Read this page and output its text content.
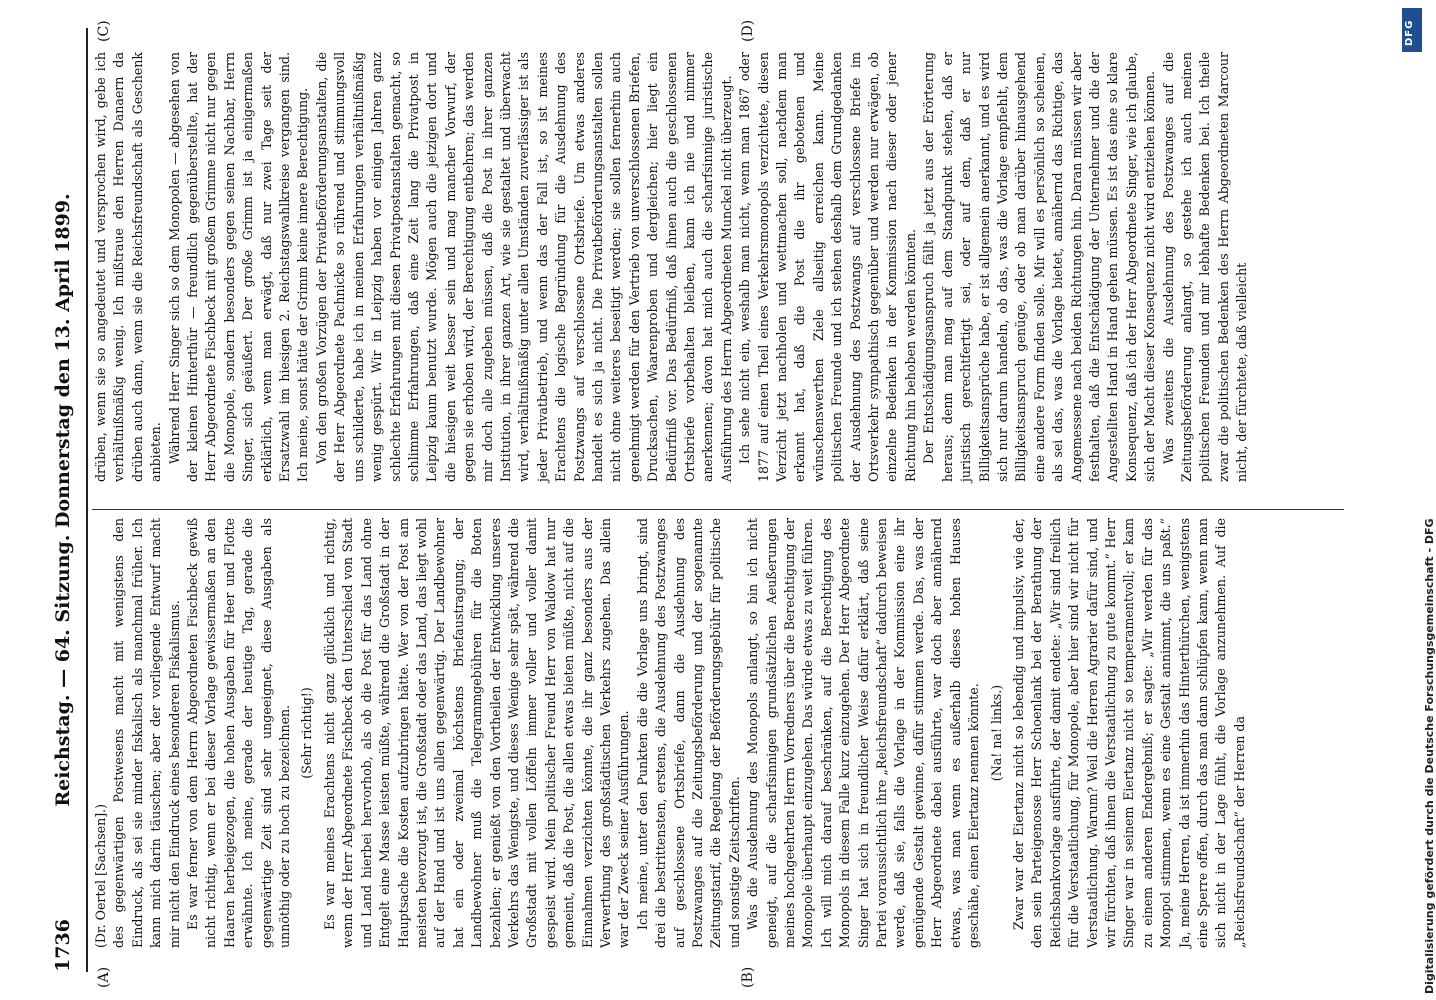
1736
Reichstag. — 64. Sitzung. Donnerstag den 13. April 1899.
(A)	(B)
(C)	(D)

(Dr. Oertel [Sachsen].) des gegenwärtigen Postwesens macht mit wenigstens den Eindruck, als sei sie minder fiskalisch als manchmal früher. Ich kann mich darin täuschen; aber der vorliegende Entwurf macht mir nicht den Eindruck eines besonderen Fiskalismus. Es war ferner von dem Herrn Abgeordneten Fischbeck gewiß nicht richtig, wenn er bei dieser Vorlage gewissermaßen an den Haaren herbeigezogen, die hohen Ausgaben für Heer und Flotte erwähnte. Ich meine, gerade der heutige Tag, gerade die gegenwärtige Zeit sind sehr ungeeignet, diese Ausgaben als unnöthig oder zu hoch zu bezeichnen. (Sehr richtig!) Es war meines Erachtens nicht ganz glücklich und richtig, wenn der Herr Abgeordnete Fischbeck den Unterschied von Stadt und Land hierbei hervorhob, als ob die Post für das Land ohne Entgelt eine Masse leisten müßte, während die Großstadt in der Hauptsache die Kosten aufzubringen hätte. Wer von der Post am meisten bevorzugt ist, die Großstadt oder das Land, das liegt wohl auf der Hand und ist uns allen gegenwärtig. Der Landbewohner hat ein oder zweimal höchstens Briefaustragung; der Landbewohner muß die Telegrammgebühren für die Boten bezahlen; er genießt von den Vortheilen der Entwicklung unseres Verkehrs das Wenigste, und dieses Wenige sehr spät, während die Großstadt mit vollen Löffeln immer voller und voller damit gespeist wird. Mein politischer Freund Herr von Waldow hat nur gemeint, daß die Post, die allen etwas bieten müßte, nicht auf die Einnahmen verzichten könnte, die ihr ganz besonders aus der Verwerthung des großstädtischen Verkehrs zugehen. Das allein war der Zweck seiner Ausführungen. Ich meine, unter den Punkten die die Vorlage uns bringt, sind drei die bestrittensten, erstens, die Ausdehnung des Postzwanges auf geschlossene Ortsbriefe, dann die Ausdehnung des Postzwanges auf die Zeitungsbeförderung und der sogenannte Zeitungstarif, die Regelung der Beförderungsgebühr für politische und sonstige Zeitschriften. Was die Ausdehnung des Monopols anlangt, so bin ich nicht geneigt, auf die scharfsinnigen grundsätzlichen Aeußerungen meines hochgeehrten Herrn Vorredners über die Berechtigung der Monopole überhaupt einzugehen. Das würde etwas zu weit führen. Ich will mich darauf beschränken, auf die Berechtigung des Monopols in diesem Falle kurz einzugehen. Der Herr Abgeordnete Singer hat sich in freundlicher Weise dafür erklärt, daß seine Partei voraussichtlich ihre „Reichsfreundschaft“ dadurch beweisen werde, daß sie, falls die Vorlage in der Kommission eine ihr genügende Gestalt gewinne, dafür stimmen werde. Das, was der Herr Abgeordnete dabei ausführte, war doch aber annähernd etwas, was man wenn es außerhalb dieses hohen Hauses geschähe, einen Eiertanz nennen könnte. (Na! na! links.) Zwar war der Eiertanz nicht so lebendig und impulsiv, wie der, den sein Parteigenosse Herr Schoenlank bei der Berathung der Reichsbankvorlage ausführte, der damit endete: „Wir sind freilich für die Verstaatlichung, für Monopole, aber hier sind wir nicht für Verstaatlichung. Warum? Weil die Herren Agrarier dafür sind, und wir fürchten, daß ihnen die Verstaatlichung zu gute kommt.“ Herr Singer war in seinem Eiertanz nicht so temperamentvoll; er kam zu einem anderen Endergebniß; er sagte: „Wir werden für das Monopol stimmen, wenn es eine Gestalt annimmt, die uns paßt.“ Ja, meine Herren, da ist immerhin das Hinterthürchen, wenigstens eine Sperre offen, durch das man dann schlüpfen kann, wenn man sich nicht in der Lage fühlt, die Vorlage anzunehmen. Auf die „Reichsfreundschaft“ der Herren da

drüben, wenn sie so angedeutet und versprochen wird, gebe ich verhältnißmäßig wenig. Ich mißtraue den Herren Danaern da drüben auch dann, wenn sie die Reichsfreundschaft als Geschenk anbieten. Während Herr Singer sich so dem Monopolen — abgesehen von der kleinen Hinterthür — freundlich gegenüberstellte, hat der Herr Abgeordnete Fischbeck mit großem Grimme nicht nur gegen die Monopole, sondern besonders gegen seinen Nachbar, Herrn Singer, sich geäußert. Der große Grimm ist ja einigermaßen erklärlich, wenn man erwägt, daß nur zwei Tage seit der Ersatzwahl im hiesigen 2. Reichstagswahlkreise vergangen sind. Ich meine, sonst hätte der Grimm keine innere Berechtigung. Von den großen Vorzügen der Privatbeförderungsanstalten, die der Herr Abgeordnete Pachnicke so rührend und stimmungsvoll uns schilderte, habe ich in meinen Erfahrungen verhältnißmäßig wenig gespürt. Wir in Leipzig haben vor einigen Jahren ganz schlechte Erfahrungen mit diesen Privatpostanstalten gemacht, so schlimme Erfahrungen, daß eine Zeit lang die Privatpost in Leipzig kaum benutzt wurde. Mögen auch die jetzigen dort und die hiesigen weit besser sein und mag mancher Vorwurf, der gegen sie erhoben wird, der Berechtigung entbehren; das werden mir doch alle zugeben müssen, daß die Post in ihrer ganzen Institution, in ihrer ganzen Art, wie sie gestaltet und überwacht wird, verhältnißmäßig unter allen Umständen zuverlässiger ist als jeder Privatbetrieb, und wenn das der Fall ist, so ist meines Erachtens die logische Begründung für die Ausdehnung des Postzwangs auf verschlossene Ortsbriefe. Um etwas anderes handelt es sich ja nicht. Die Privatbeförderungsanstalten sollen nicht ohne weiteres beseitigt werden; sie sollen fernerhin auch genehmigt werden für den Vertrieb von unverschlossenen Briefen, Drucksachen, Waarenproben und dergleichen; hier liegt ein Bedürfniß vor. Das Bedürfniß, daß ihnen auch die geschlossenen Ortsbriefe vorbehalten bleiben, kann ich nie und nimmer anerkennen; davon hat mich auch die scharfsinnige juristische Ausführung des Herrn Abgeordneten Munckel nicht überzeugt. Ich sehe nicht ein, weshalb man nicht, wenn man 1867 oder 1877 auf einen Theil eines Verkehrsmonopols verzichtete, diesen Verzicht jetzt nachholen und wettmachen soll, nachdem man erkannt hat, daß die Post die ihr gebotenen und wünschenswerthen Ziele allseitig erreichen kann. Meine politischen Freunde und ich stehen deshalb dem Grundgedanken der Ausdehnung des Postzwangs auf verschlossene Briefe im Ortsverkehr sympathisch gegenüber und werden nur erwägen, ob einzelne Bedenken in der Kommission nach dieser oder jener Richtung hin behoben werden könnten. Der Entschädigungsanspruch fällt ja jetzt aus der Erörterung heraus; denn man mag auf dem Standpunkt stehen, daß er juristisch gerechtfertigt sei, oder auf dem, daß er nur Billigkeitsansprüche habe, er ist allgemein anerkannt, und es wird sich nur darum handeln, ob das, was die Vorlage empfiehlt, dem Billigkeitsanspruch genüge, oder ob man darüber hinausgehend eine andere Form finden solle. Mir will es persönlich so scheinen, als sei das, was die Vorlage bietet, annähernd das Richtige, das Angemessene nach beiden Richtungen hin. Daran müssen wir aber festhalten, daß die Entschädigung der Unternehmer und die der Angestellten Hand in Hand gehen müssen. Es ist das eine so klare Konsequenz, daß ich der Herr Abgeordnete Singer, wie ich glaube, sich der Macht dieser Konsequenz nicht wird entziehen können. Was zweitens die Ausdehnung des Postzwanges auf die Zeitungsbeförderung anlangt, so gestehe ich auch meinen politischen Freunden und mir lebhafte Bedenken bei. Ich theile zwar die politischen Bedenken des Herrn Abgeordneten Marcour nicht, der fürchtete, daß vielleicht

DFG
Digitalisierung gefördert durch die Deutsche Forschungsgemeinschaft - DFG
